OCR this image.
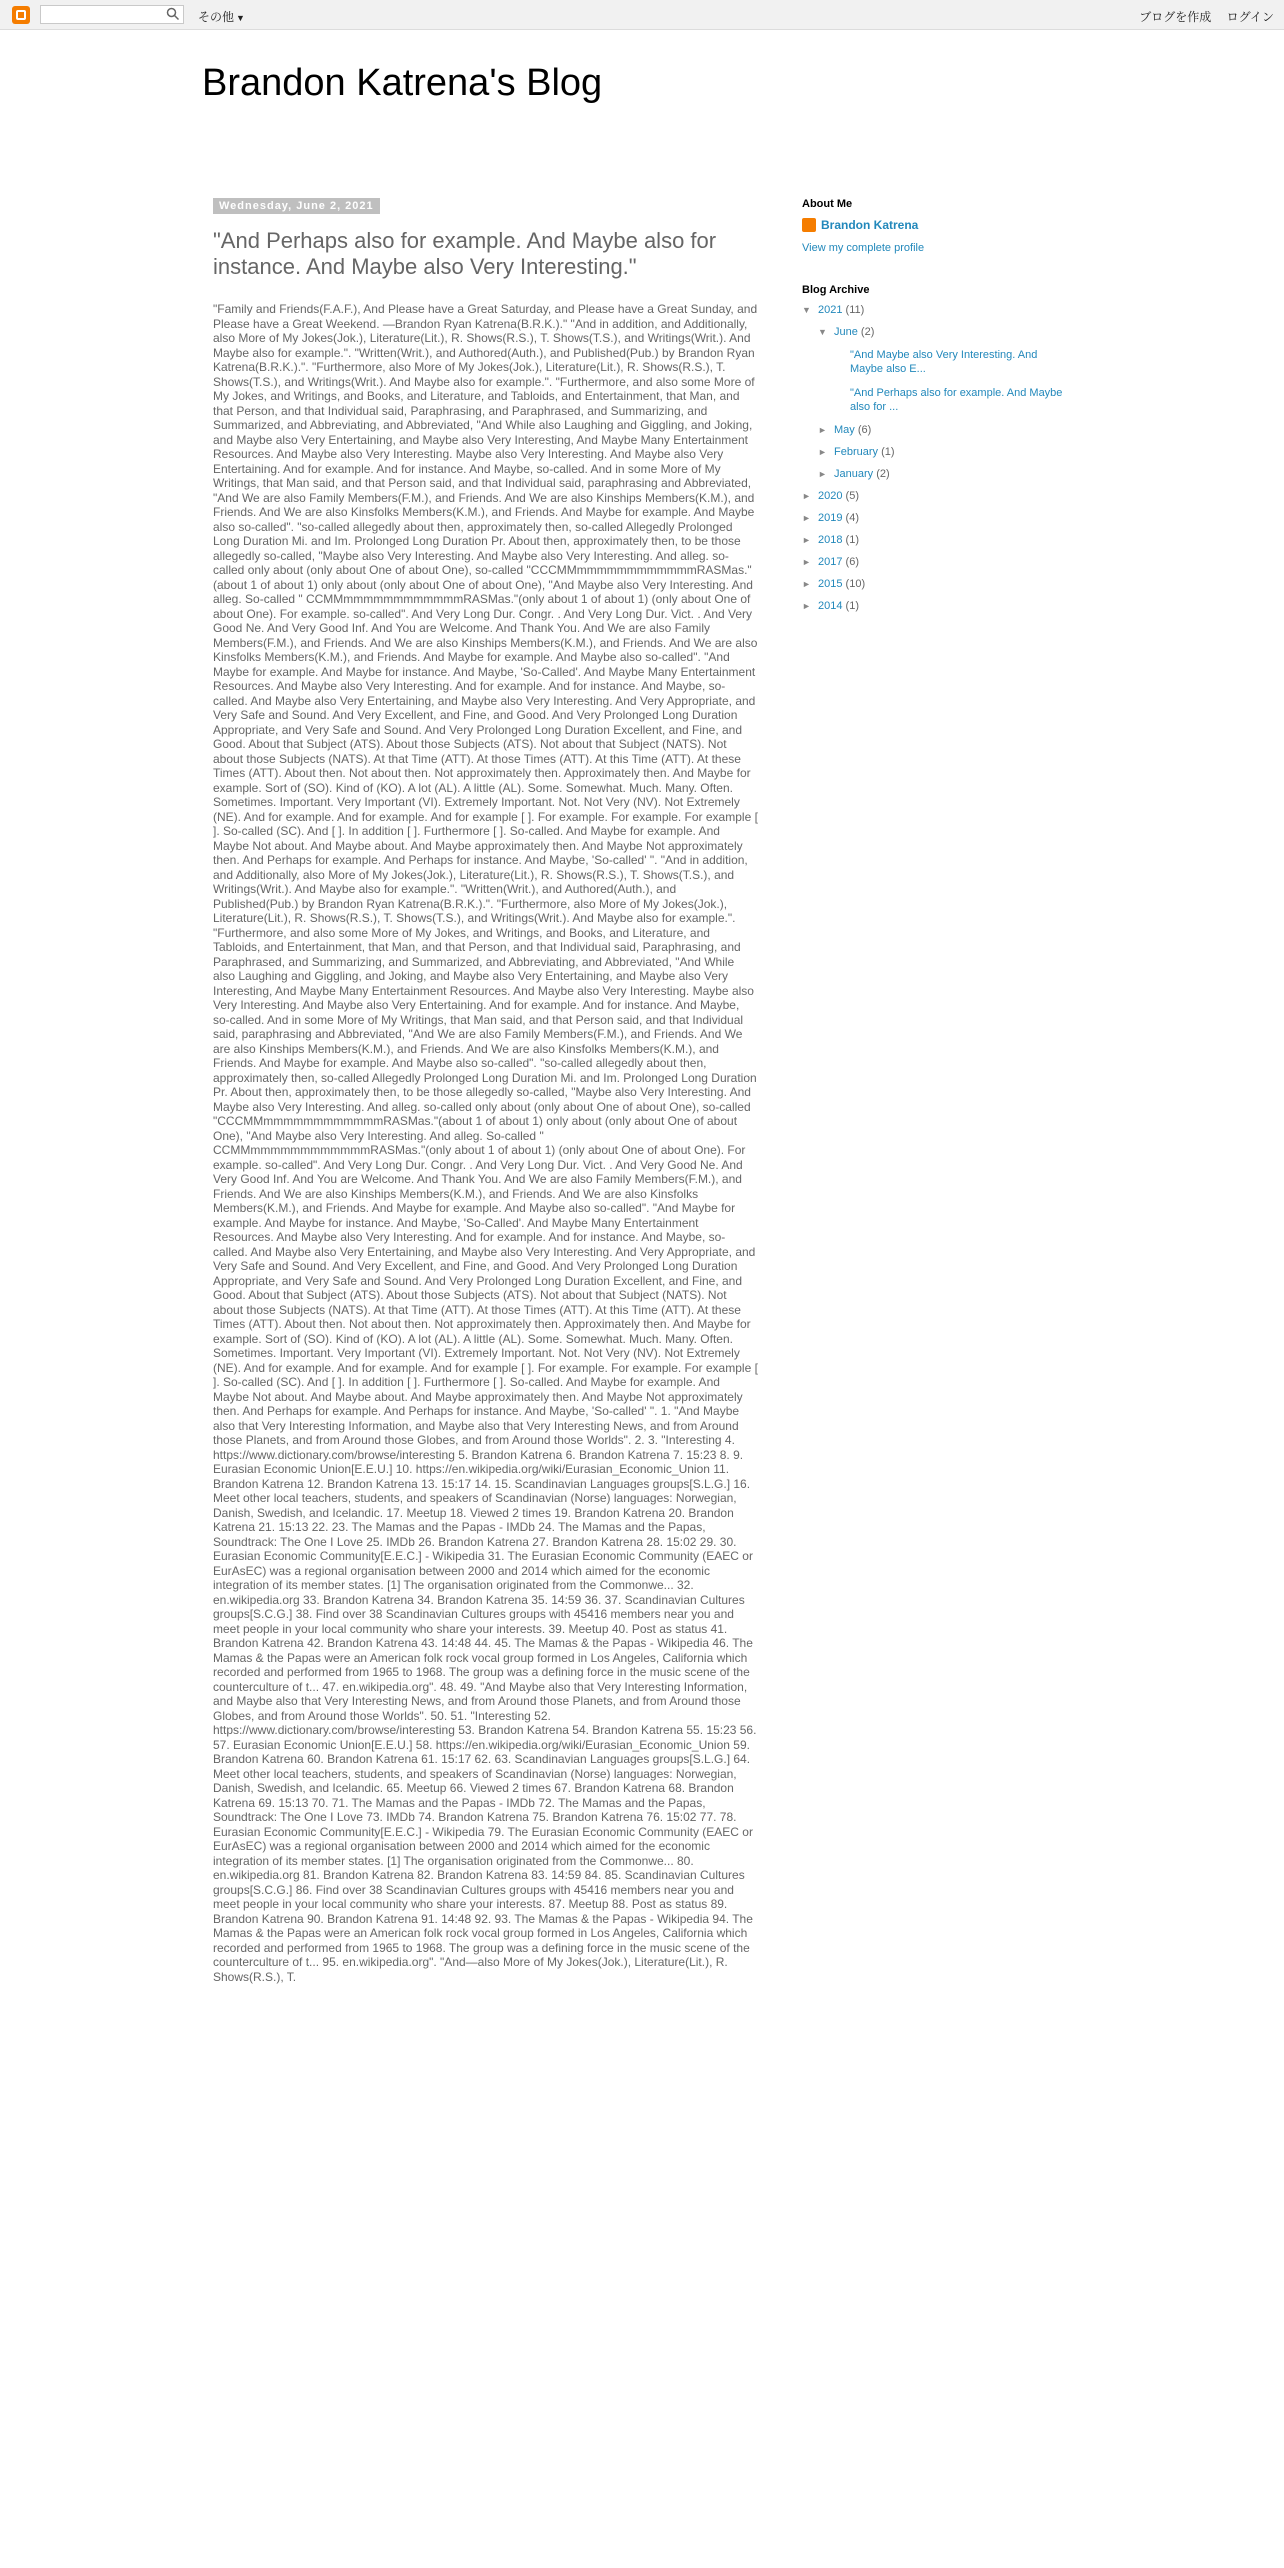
その他 ▼	ブログを作成 ログイン
Brandon Katrena's Blog
Wednesday, June 2, 2021
"And Perhaps also for example. And Maybe also for instance. And Maybe also Very Interesting."
"Family and Friends(F.A.F.), And Please have a Great Saturday, and Please have a Great Sunday, and Please have a Great Weekend. —Brandon Ryan Katrena(B.R.K.)." "And in addition, and Additionally, also More of My Jokes(Jok.), Literature(Lit.), R. Shows(R.S.), T. Shows(T.S.), and Writings(Writ.). And Maybe also for example.". "Written(Writ.), and Authored(Auth.), and Published(Pub.) by Brandon Ryan Katrena(B.R.K.).". "Furthermore, also More of My Jokes(Jok.), Literature(Lit.), R. Shows(R.S.), T. Shows(T.S.), and Writings(Writ.). And Maybe also for example.". "Furthermore, and also some More of My Jokes, and Writings, and Books, and Literature, and Tabloids, and Entertainment, that Man, and that Person, and that Individual said, Paraphrasing, and Paraphrased, and Summarizing, and Summarized, and Abbreviating, and Abbreviated, "And While also Laughing and Giggling, and Joking, and Maybe also Very Entertaining, and Maybe also Very Interesting, And Maybe Many Entertainment Resources. And Maybe also Very Interesting. Maybe also Very Interesting. And Maybe also Very Entertaining. And for example. And for instance. And Maybe, so-called. And in some More of My Writings, that Man said, and that Person said, and that Individual said, paraphrasing and Abbreviated, "And We are also Family Members(F.M.), and Friends. And We are also Kinships Members(K.M.), and Friends. And We are also Kinsfolks Members(K.M.), and Friends. And Maybe for example. And Maybe also so-called". "so-called allegedly about then, approximately then, so-called Allegedly Prolonged Long Duration Mi. and Im. Prolonged Long Duration Pr. About then, approximately then, to be those allegedly so-called, "Maybe also Very Interesting. And Maybe also Very Interesting. And alleg. so-called only about (only about One of about One), so-called "CCCMMmmmmmmmmmmmmRASMas."(about 1 of about 1) only about (only about One of about One), "And Maybe also Very Interesting. And alleg. So-called " CCMMmmmmmmmmmmmmRASMas."(only about 1 of about 1) (only about One of about One). For example. so-called". And Very Long Dur. Congr. . And Very Long Dur. Vict. . And Very Good Ne. And Very Good Inf. And You are Welcome. And Thank You. And We are also Family Members(F.M.), and Friends. And We are also Kinships Members(K.M.), and Friends. And We are also Kinsfolks Members(K.M.), and Friends. And Maybe for example. And Maybe also so-called". "And Maybe for example. And Maybe for instance. And Maybe, 'So-Called'. And Maybe Many Entertainment Resources. And Maybe also Very Interesting. And for example. And for instance. And Maybe, so-called. And Maybe also Very Entertaining, and Maybe also Very Interesting. And Very Appropriate, and Very Safe and Sound. And Very Excellent, and Fine, and Good. And Very Prolonged Long Duration Appropriate, and Very Safe and Sound. And Very Prolonged Long Duration Excellent, and Fine, and Good. About that Subject (ATS). About those Subjects (ATS). Not about that Subject (NATS). Not about those Subjects (NATS). At that Time (ATT). At those Times (ATT). At this Time (ATT). At these Times (ATT). About then. Not about then. Not approximately then. Approximately then. And Maybe for example. Sort of (SO). Kind of (KO). A lot (AL). A little (AL). Some. Somewhat. Much. Many. Often. Sometimes. Important. Very Important (VI). Extremely Important. Not. Not Very (NV). Not Extremely (NE). And for example. And for example. And for example [ ]. For example. For example. For example [ ]. So-called (SC). And [ ]. In addition [ ]. Furthermore [ ]. So-called. And Maybe for example. And Maybe Not about. And Maybe about. And Maybe approximately then. And Maybe Not approximately then. And Perhaps for example. And Perhaps for instance. And Maybe, 'So-called' ". "And in addition, and Additionally, also More of My Jokes(Jok.), Literature(Lit.), R. Shows(R.S.), T. Shows(T.S.), and Writings(Writ.). And Maybe also for example.". "Written(Writ.), and Authored(Auth.), and Published(Pub.) by Brandon Ryan Katrena(B.R.K.).". "Furthermore, also More of My Jokes(Jok.), Literature(Lit.), R. Shows(R.S.), T. Shows(T.S.), and Writings(Writ.). And Maybe also for example.". "Furthermore, and also some More of My Jokes, and Writings, and Books, and Literature, and Tabloids, and Entertainment, that Man, and that Person, and that Individual said, Paraphrasing, and Paraphrased, and Summarizing, and Summarized, and Abbreviating, and Abbreviated, "And While also Laughing and Giggling, and Joking, and Maybe also Very Entertaining, and Maybe also Very Interesting, And Maybe Many Entertainment Resources. And Maybe also Very Interesting. Maybe also Very Interesting. And Maybe also Very Entertaining. And for example. And for instance. And Maybe, so-called. And in some More of My Writings, that Man said, and that Person said, and that Individual said, paraphrasing and Abbreviated, "And We are also Family Members(F.M.), and Friends. And We are also Kinships Members(K.M.), and Friends. And We are also Kinsfolks Members(K.M.), and Friends. And Maybe for example. And Maybe also so-called". "so-called allegedly about then, approximately then, so-called Allegedly Prolonged Long Duration Mi. and Im. Prolonged Long Duration Pr. About then, approximately then, to be those allegedly so-called, "Maybe also Very Interesting. And Maybe also Very Interesting. And alleg. so-called only about (only about One of about One), so-called "CCCMMmmmmmmmmmmmmRASMas."(about 1 of about 1) only about (only about One of about One), "And Maybe also Very Interesting. And alleg. So-called " CCMMmmmmmmmmmmmmRASMas."(only about 1 of about 1) (only about One of about One). For example. so-called". And Very Long Dur. Congr. . And Very Long Dur. Vict. . And Very Good Ne. And Very Good Inf. And You are Welcome. And Thank You. And We are also Family Members(F.M.), and Friends. And We are also Kinships Members(K.M.), and Friends. And We are also Kinsfolks Members(K.M.), and Friends. And Maybe for example. And Maybe also so-called". "And Maybe for example. And Maybe for instance. And Maybe, 'So-Called'. And Maybe Many Entertainment Resources. And Maybe also Very Interesting. And for example. And for instance. And Maybe, so-called. And Maybe also Very Entertaining, and Maybe also Very Interesting. And Very Appropriate, and Very Safe and Sound. And Very Excellent, and Fine, and Good. And Very Prolonged Long Duration Appropriate, and Very Safe and Sound. And Very Prolonged Long Duration Excellent, and Fine, and Good. About that Subject (ATS). About those Subjects (ATS). Not about that Subject (NATS). Not about those Subjects (NATS). At that Time (ATT). At those Times (ATT). At this Time (ATT). At these Times (ATT). About then. Not about then. Not approximately then. Approximately then. And Maybe for example. Sort of (SO). Kind of (KO). A lot (AL). A little (AL). Some. Somewhat. Much. Many. Often. Sometimes. Important. Very Important (VI). Extremely Important. Not. Not Very (NV). Not Extremely (NE). And for example. And for example. And for example [ ]. For example. For example. For example [ ]. So-called (SC). And [ ]. In addition [ ]. Furthermore [ ]. So-called. And Maybe for example. And Maybe Not about. And Maybe about. And Maybe approximately then. And Maybe Not approximately then. And Perhaps for example. And Perhaps for instance. And Maybe, 'So-called' ". 1. "And Maybe also that Very Interesting Information, and Maybe also that Very Interesting News, and from Around those Planets, and from Around those Globes, and from Around those Worlds". 2. 3. "Interesting 4. https://www.dictionary.com/browse/interesting 5. Brandon Katrena 6. Brandon Katrena 7. 15:23 8. 9. Eurasian Economic Union[E.E.U.] 10. https://en.wikipedia.org/wiki/Eurasian_Economic_Union 11. Brandon Katrena 12. Brandon Katrena 13. 15:17 14. 15. Scandinavian Languages groups[S.L.G.] 16. Meet other local teachers, students, and speakers of Scandinavian (Norse) languages: Norwegian, Danish, Swedish, and Icelandic. 17. Meetup 18. Viewed 2 times 19. Brandon Katrena 20. Brandon Katrena 21. 15:13 22. 23. The Mamas and the Papas - IMDb 24. The Mamas and the Papas, Soundtrack: The One I Love 25. IMDb 26. Brandon Katrena 27. Brandon Katrena 28. 15:02 29. 30. Eurasian Economic Community[E.E.C.] - Wikipedia 31. The Eurasian Economic Community (EAEC or EurAsEC) was a regional organisation between 2000 and 2014 which aimed for the economic integration of its member states. [1] The organisation originated from the Commonwe... 32. en.wikipedia.org 33. Brandon Katrena 34. Brandon Katrena 35. 14:59 36. 37. Scandinavian Cultures groups[S.C.G.] 38. Find over 38 Scandinavian Cultures groups with 45416 members near you and meet people in your local community who share your interests. 39. Meetup 40. Post as status 41. Brandon Katrena 42. Brandon Katrena 43. 14:48 44. 45. The Mamas & the Papas - Wikipedia 46. The Mamas & the Papas were an American folk rock vocal group formed in Los Angeles, California which recorded and performed from 1965 to 1968. The group was a defining force in the music scene of the counterculture of t... 47. en.wikipedia.org". 48. 49. "And Maybe also that Very Interesting Information, and Maybe also that Very Interesting News, and from Around those Planets, and from Around those Globes, and from Around those Worlds". 50. 51. "Interesting 52. https://www.dictionary.com/browse/interesting 53. Brandon Katrena 54. Brandon Katrena 55. 15:23 56. 57. Eurasian Economic Union[E.E.U.] 58. https://en.wikipedia.org/wiki/Eurasian_Economic_Union 59. Brandon Katrena 60. Brandon Katrena 61. 15:17 62. 63. Scandinavian Languages groups[S.L.G.] 64. Meet other local teachers, students, and speakers of Scandinavian (Norse) languages: Norwegian, Danish, Swedish, and Icelandic. 65. Meetup 66. Viewed 2 times 67. Brandon Katrena 68. Brandon Katrena 69. 15:13 70. 71. The Mamas and the Papas - IMDb 72. The Mamas and the Papas, Soundtrack: The One I Love 73. IMDb 74. Brandon Katrena 75. Brandon Katrena 76. 15:02 77. 78. Eurasian Economic Community[E.E.C.] - Wikipedia 79. The Eurasian Economic Community (EAEC or EurAsEC) was a regional organisation between 2000 and 2014 which aimed for the economic integration of its member states. [1] The organisation originated from the Commonwe... 80. en.wikipedia.org 81. Brandon Katrena 82. Brandon Katrena 83. 14:59 84. 85. Scandinavian Cultures groups[S.C.G.] 86. Find over 38 Scandinavian Cultures groups with 45416 members near you and meet people in your local community who share your interests. 87. Meetup 88. Post as status 89. Brandon Katrena 90. Brandon Katrena 91. 14:48 92. 93. The Mamas & the Papas - Wikipedia 94. The Mamas & the Papas were an American folk rock vocal group formed in Los Angeles, California which recorded and performed from 1965 to 1968. The group was a defining force in the music scene of the counterculture of t... 95. en.wikipedia.org". "And—also More of My Jokes(Jok.), Literature(Lit.), R. Shows(R.S.), T.
About Me
Brandon Katrena
View my complete profile
Blog Archive
▼ 2021 (11)
▼ June (2)
"And Maybe also Very Interesting. And Maybe also E...
"And Perhaps also for example. And Maybe also for ...
► May (6)
► February (1)
► January (2)
► 2020 (5)
► 2019 (4)
► 2018 (1)
► 2017 (6)
► 2015 (10)
► 2014 (1)
